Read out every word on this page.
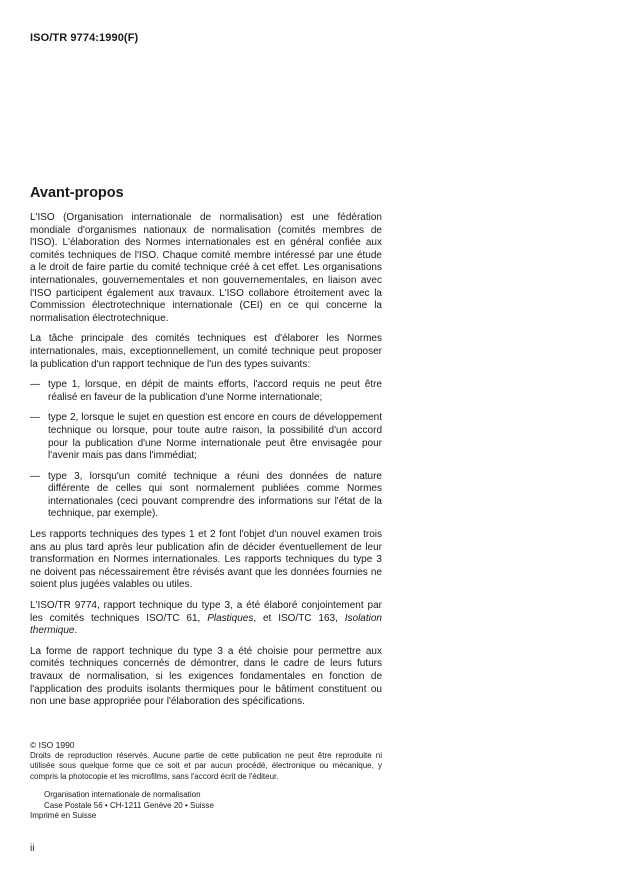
ISO/TR 9774:1990(F)
Avant-propos

L'ISO (Organisation internationale de normalisation) est une fédération mondiale d'organismes nationaux de normalisation (comités membres de l'ISO). L'élaboration des Normes internationales est en général confiée aux comités techniques de l'ISO. Chaque comité membre intéressé par une étude a le droit de faire partie du comité technique créé à cet effet. Les organisations internationales, gouvernementales et non gouvernementales, en liaison avec l'ISO participent également aux travaux. L'ISO collabore étroitement avec la Commission électrotechnique internationale (CEI) en ce qui concerne la normalisation électrotechnique.

La tâche principale des comités techniques est d'élaborer les Normes internationales, mais, exceptionnellement, un comité technique peut proposer la publication d'un rapport technique de l'un des types suivants:

— type 1, lorsque, en dépit de maints efforts, l'accord requis ne peut être réalisé en faveur de la publication d'une Norme internationale;
— type 2, lorsque le sujet en question est encore en cours de développement technique ou lorsque, pour toute autre raison, la possibilité d'un accord pour la publication d'une Norme internationale peut être envisagée pour l'avenir mais pas dans l'immédiat;
— type 3, lorsqu'un comité technique a réuni des données de nature différente de celles qui sont normalement publiées comme Normes internationales (ceci pouvant comprendre des informations sur l'état de la technique, par exemple).

Les rapports techniques des types 1 et 2 font l'objet d'un nouvel examen trois ans au plus tard après leur publication afin de décider éventuellement de leur transformation en Normes internationales. Les rapports techniques du type 3 ne doivent pas nécessairement être révisés avant que les données fournies ne soient plus jugées valables ou utiles.

L'ISO/TR 9774, rapport technique du type 3, a été élaboré conjointement par les comités techniques ISO/TC 61, Plastiques, et ISO/TC 163, Isolation thermique.

La forme de rapport technique du type 3 a été choisie pour permettre aux comités techniques concernés de démontrer, dans le cadre de leurs futurs travaux de normalisation, si les exigences fondamentales en fonction de l'application des produits isolants thermiques pour le bâtiment constituent ou non une base appropriée pour l'élaboration des spécifications.

© ISO 1990
Droits de reproduction réservés. Aucune partie de cette publication ne peut être reproduite ni utilisée sous quelque forme que ce soit et par aucun procédé, électronique ou mécanique, y compris la photocopie et les microfilms, sans l'accord écrit de l'éditeur.
Organisation internationale de normalisation
Case Postale 56 • CH-1211 Genève 20 • Suisse
Imprimé en Suisse
ii
